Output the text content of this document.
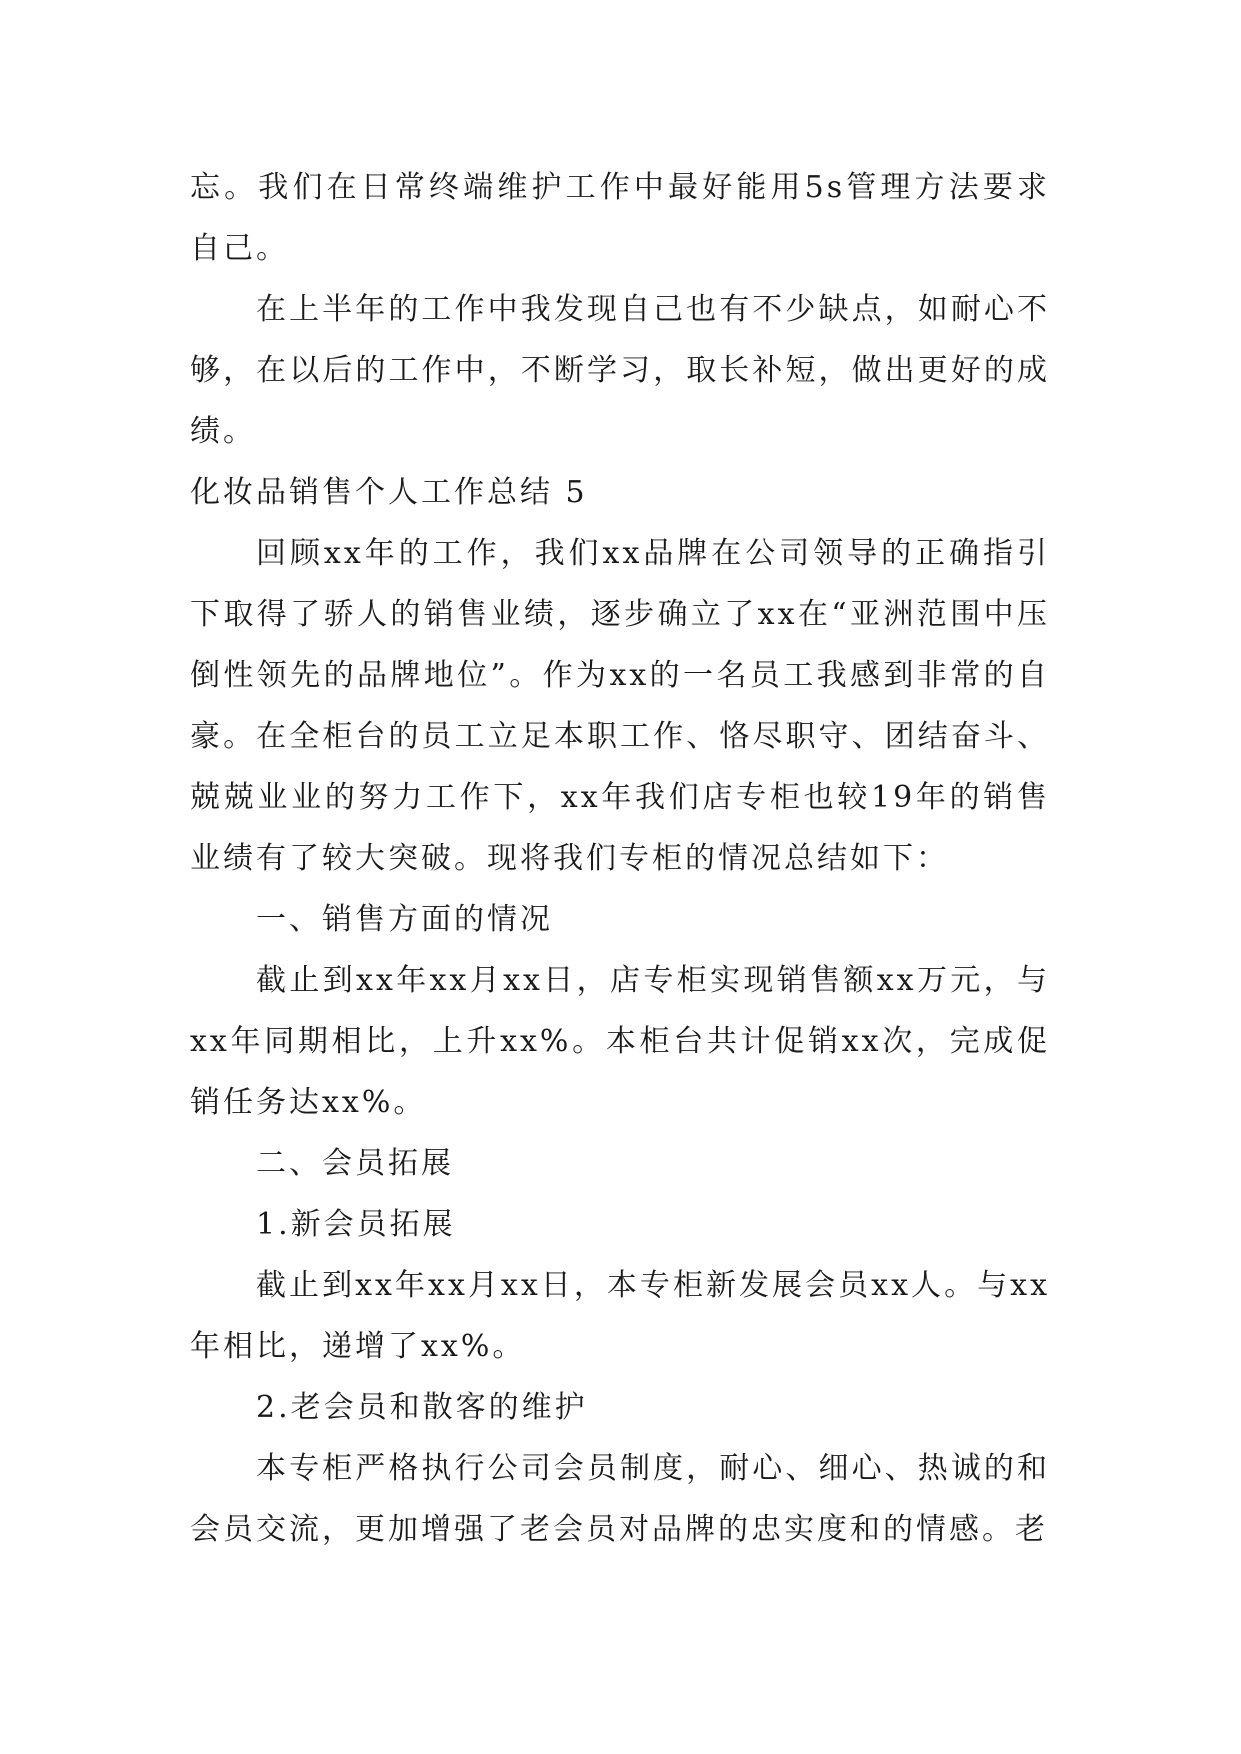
忘。我们在日常终端维护工作中最好能用5s管理方法要求自己。

在上半年的工作中我发现自己也有不少缺点，如耐心不够，在以后的工作中，不断学习，取长补短，做出更好的成绩。

化妆品销售个人工作总结 5

回顾xx年的工作，我们xx品牌在公司领导的正确指引下取得了骄人的销售业绩，逐步确立了xx在“亚洲范围中压倒性领先的品牌地位”。作为xx的一名员工我感到非常的自豪。在全柜台的员工立足本职工作、恪尽职守、团结奋斗、兢兢业业的努力工作下，xx年我们店专柜也较19年的销售业绩有了较大突破。现将我们专柜的情况总结如下：

一、销售方面的情况

截止到xx年xx月xx日，店专柜实现销售额xx万元，与xx年同期相比，上升xx%。本柜台共计促销xx次，完成促销任务达xx%。

二、会员拓展

1.新会员拓展

截止到xx年xx月xx日，本专柜新发展会员xx人。与xx年相比，递增了xx%。

2.老会员和散客的维护

本专柜严格执行公司会员制度，耐心、细心、热诚的和会员交流，更加增强了老会员对品牌的忠实度和的情感。老
